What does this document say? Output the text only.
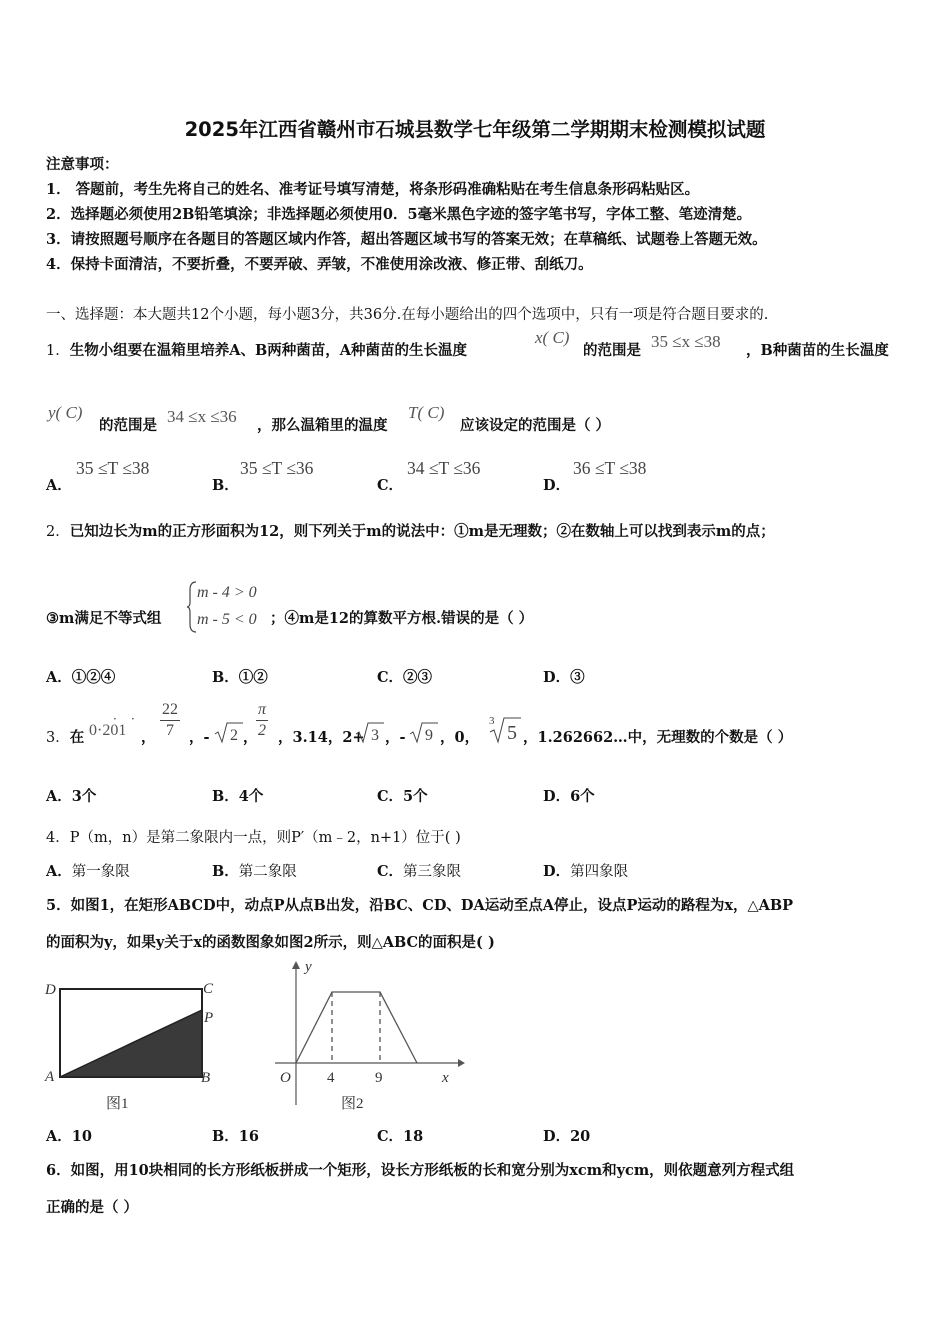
2025年江西省赣州市石城县数学七年级第二学期期末检测模拟试题
注意事项：
1． 答题前，考生先将自己的姓名、准考证号填写清楚，将条形码准确粘贴在考生信息条形码粘贴区。
2．选择题必须使用2B铅笔填涂；非选择题必须使用0．5毫米黑色字迹的签字笔书写，字体工整、笔迹清楚。
3．请按照题号顺序在各题目的答题区域内作答，超出答题区域书写的答案无效；在草稿纸、试题卷上答题无效。
4．保持卡面清洁，不要折叠，不要弄破、弄皱，不准使用涂改液、修正带、刮纸刀。
一、选择题：本大题共12个小题，每小题3分，共36分.在每小题给出的四个选项中，只有一项是符合题目要求的.
1．生物小组要在温箱里培养A、B两种菌苗，A种菌苗的生长温度
x( C)
的范围是 35 ≤x ≤38 ，B种菌苗的生长温度
y( C)
的范围是 34 ≤x ≤36 ，那么温箱里的温度
T( C)
应该设定的范围是（ ）
A．
35 ≤T ≤38
B．
35 ≤T ≤36
C．
34 ≤T ≤36
D．
36 ≤T ≤38
2．已知边长为m的正方形面积为12，则下列关于m的说法中：①m是无理数；②在数轴上可以找到表示m的点；
③m满足不等式组
m - 4 > 0
m - 5 < 0 ；④m是12的算数平方根.错误的是（ ）
A．①②④	B．①②	C．②③	D．③
3．在 0·201
· ·
， $\frac{22}{7}$ ，- 2 ，
$\frac{\pi}{2}$ ，3.14，2+ 3 ，- 9 ，0，
3
5 ，1.262662…中，无理数的个数是（ ）
A．3个	B．4个	C．5个	D．6个
4．P（m，n）是第二象限内一点，则P′（m﹣2，n+1）位于( )
A．第一象限	B．第二象限	C．第三象限	D．第四象限
5．如图1，在矩形ABCD中，动点P从点B出发，沿BC、CD、DA运动至点A停止，设点P运动的路程为x，△ABP
的面积为y，如果y关于x的函数图象如图2所示，则△ABC的面积是( )
D	C
P
A	B
图1
y
x
O 4	9
图2
A．10	B．16	C．18	D．20
6．如图，用10块相同的长方形纸板拼成一个矩形，设长方形纸板的长和宽分别为xcm和ycm，则依题意列方程式组
正确的是（ ）
